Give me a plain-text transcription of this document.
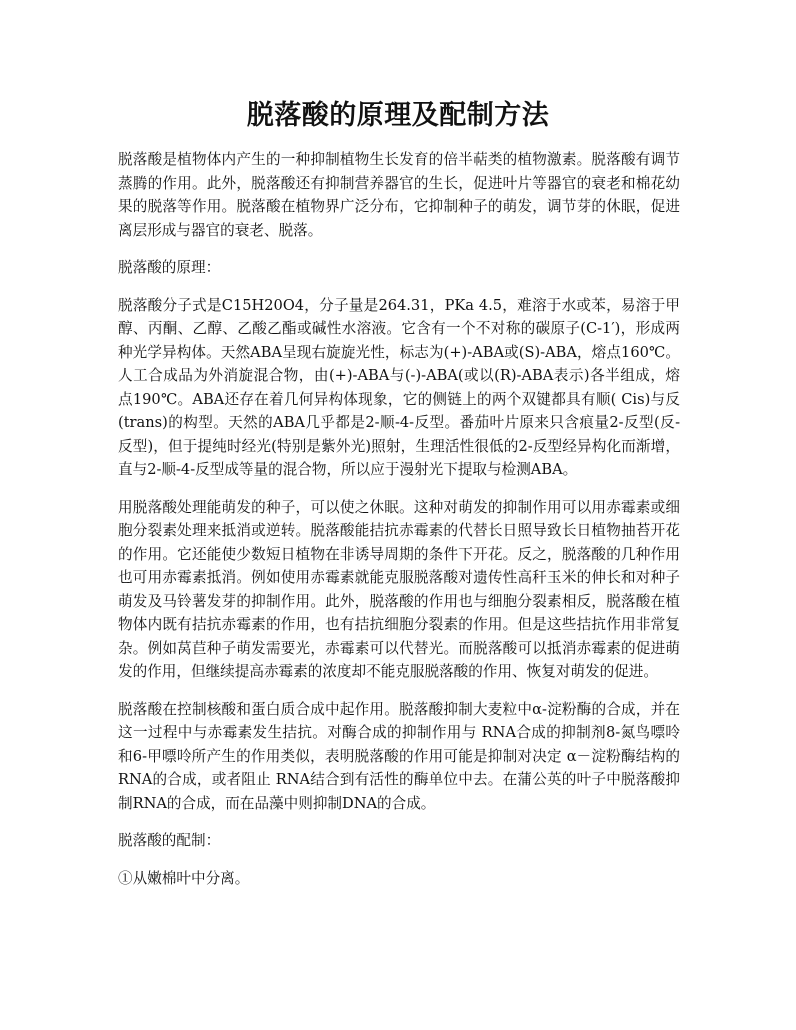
脱落酸的原理及配制方法

脱落酸是植物体内产生的一种抑制植物生长发育的倍半萜类的植物激素。脱落酸有调节蒸腾的作用。此外，脱落酸还有抑制营养器官的生长，促进叶片等器官的衰老和棉花幼果的脱落等作用。脱落酸在植物界广泛分布，它抑制种子的萌发，调节芽的休眠，促进离层形成与器官的衰老、脱落。

脱落酸的原理：

脱落酸分子式是C15H20O4，分子量是264.31，PKa 4.5，难溶于水或苯，易溶于甲醇、丙酮、乙醇、乙酸乙酯或碱性水溶液。它含有一个不对称的碳原子(C-1′)，形成两种光学异构体。天然ABA呈现右旋旋光性，标志为(+)-ABA或(S)-ABA，熔点160℃。人工合成品为外消旋混合物，由(+)-ABA与(-)-ABA(或以(R)-ABA表示)各半组成，熔点190℃。ABA还存在着几何异构体现象，它的侧链上的两个双键都具有顺( Cis)与反(trans)的构型。天然的ABA几乎都是2-顺-4-反型。番茄叶片原来只含痕量2-反型(反-反型)，但于提纯时经光(特别是紫外光)照射，生理活性很低的2-反型经异构化而渐增，直与2-顺-4-反型成等量的混合物，所以应于漫射光下提取与检测ABA。

用脱落酸处理能萌发的种子，可以使之休眠。这种对萌发的抑制作用可以用赤霉素或细胞分裂素处理来抵消或逆转。脱落酸能拮抗赤霉素的代替长日照导致长日植物抽苔开花的作用。它还能使少数短日植物在非诱导周期的条件下开花。反之，脱落酸的几种作用也可用赤霉素抵消。例如使用赤霉素就能克服脱落酸对遗传性高秆玉米的伸长和对种子萌发及马铃薯发芽的抑制作用。此外，脱落酸的作用也与细胞分裂素相反，脱落酸在植物体内既有拮抗赤霉素的作用，也有拮抗细胞分裂素的作用。但是这些拮抗作用非常复杂。例如莴苣种子萌发需要光，赤霉素可以代替光。而脱落酸可以抵消赤霉素的促进萌发的作用，但继续提高赤霉素的浓度却不能克服脱落酸的作用、恢复对萌发的促进。

脱落酸在控制核酸和蛋白质合成中起作用。脱落酸抑制大麦粒中α-淀粉酶的合成，并在这一过程中与赤霉素发生拮抗。对酶合成的抑制作用与 RNA合成的抑制剂8-氮鸟嘌呤和6-甲嘌呤所产生的作用类似，表明脱落酸的作用可能是抑制对决定 α－淀粉酶结构的 RNA的合成，或者阻止 RNA结合到有活性的酶单位中去。在蒲公英的叶子中脱落酸抑制RNA的合成，而在品藻中则抑制DNA的合成。

脱落酸的配制：

①从嫩棉叶中分离。
